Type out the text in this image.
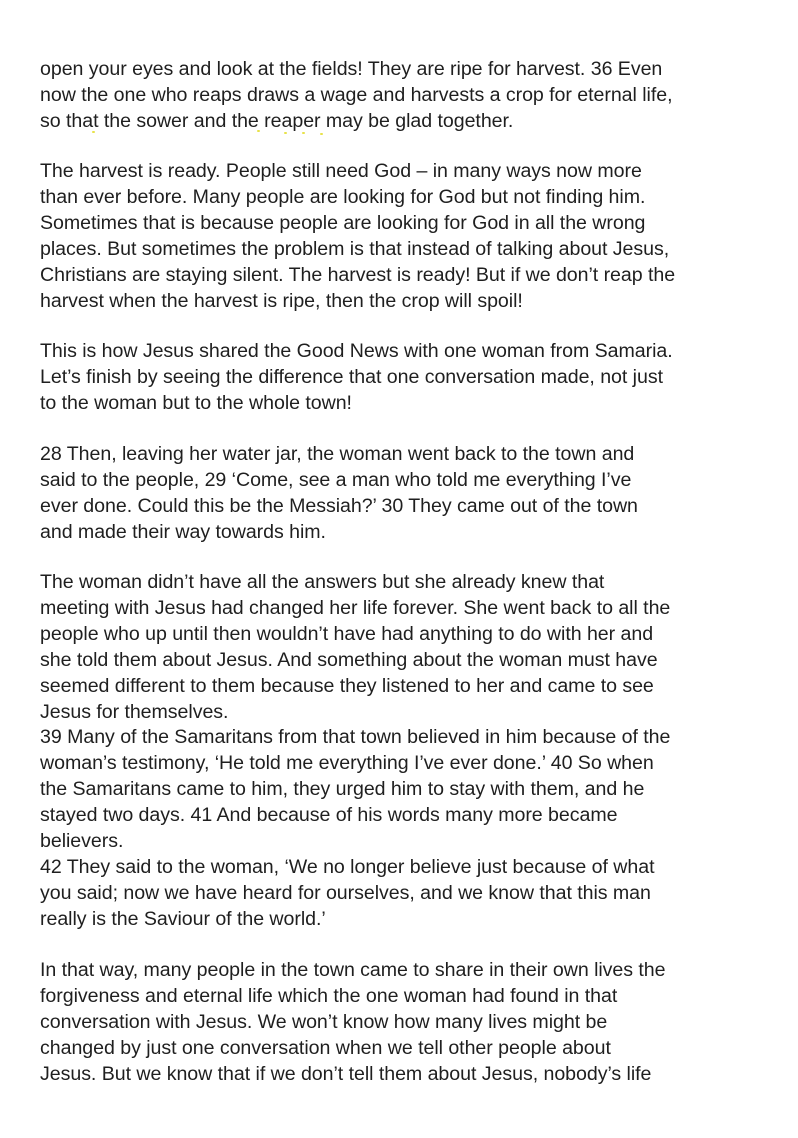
open your eyes and look at the fields! They are ripe for harvest. 36 Even
now the one who reaps draws a wage and harvests a crop for eternal life,
so that the sower and the reaper may be glad together.

The harvest is ready. People still need God – in many ways now more
than ever before. Many people are looking for God but not finding him.
Sometimes that is because people are looking for God in all the wrong
places. But sometimes the problem is that instead of talking about Jesus,
Christians are staying silent. The harvest is ready! But if we don’t reap the
harvest when the harvest is ripe, then the crop will spoil!

This is how Jesus shared the Good News with one woman from Samaria.
Let’s finish by seeing the difference that one conversation made, not just
to the woman but to the whole town!

28 Then, leaving her water jar, the woman went back to the town and
said to the people, 29 ‘Come, see a man who told me everything I’ve
ever done. Could this be the Messiah?’ 30 They came out of the town
and made their way towards him.

The woman didn’t have all the answers but she already knew that
meeting with Jesus had changed her life forever. She went back to all the
people who up until then wouldn’t have had anything to do with her and
she told them about Jesus. And something about the woman must have
seemed different to them because they listened to her and came to see
Jesus for themselves.
39 Many of the Samaritans from that town believed in him because of the
woman’s testimony, ‘He told me everything I’ve ever done.’ 40 So when
the Samaritans came to him, they urged him to stay with them, and he
stayed two days. 41 And because of his words many more became
believers.
42 They said to the woman, ‘We no longer believe just because of what
you said; now we have heard for ourselves, and we know that this man
really is the Saviour of the world.’

In that way, many people in the town came to share in their own lives the
forgiveness and eternal life which the one woman had found in that
conversation with Jesus. We won’t know how many lives might be
changed by just one conversation when we tell other people about
Jesus. But we know that if we don’t tell them about Jesus, nobody’s life
